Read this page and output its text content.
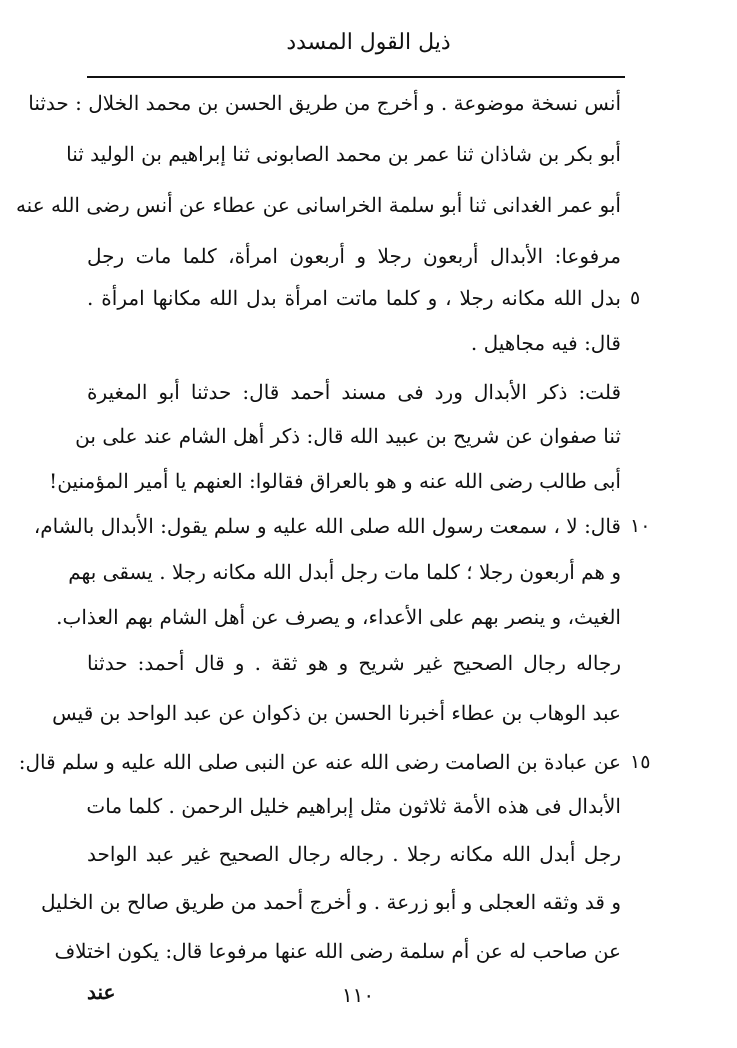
ذيل القول المسدد
أنس نسخة موضوعة . و أخرج من طريق الحسن بن محمد الخلال : حدثنا
أبو بكر بن شاذان ثنا عمر بن محمد الصابونى ثنا إبراهيم بن الوليد ثنا
أبو عمر الغدانى ثنا أبو سلمة الخراسانى عن عطاء عن أنس رضى الله عنه
مرفوعا: الأبدال أربعون رجلا و أربعون امرأة، كلما مات رجل
بدل الله مكانه رجلا ، و كلما ماتت امرأة بدل الله مكانها امرأة .
قال: فيه مجاهيل .
قلت: ذكر الأبدال ورد فى مسند أحمد قال: حدثنا أبو المغيرة
ثنا صفوان عن شريح بن عبيد الله قال: ذكر أهل الشام عند على بن
أبى طالب رضى الله عنه و هو بالعراق فقالوا: العنهم يا أمير المؤمنين!
قال: لا ، سمعت رسول الله صلى الله عليه و سلم يقول: الأبدال بالشام،
و هم أربعون رجلا ؛ كلما مات رجل أبدل الله مكانه رجلا . يسقى بهم
الغيث، و ينصر بهم على الأعداء، و يصرف عن أهل الشام بهم العذاب.
رجاله رجال الصحيح غير شريح و هو ثقة . و قال أحمد: حدثنا
عبد الوهاب بن عطاء أخبرنا الحسن بن ذكوان عن عبد الواحد بن قيس
عن عبادة بن الصامت رضى الله عنه عن النبى صلى الله عليه و سلم قال:
الأبدال فى هذه الأمة ثلاثون مثل إبراهيم خليل الرحمن . كلما مات
رجل أبدل الله مكانه رجلا . رجاله رجال الصحيح غير عبد الواحد
و قد وثقه العجلى و أبو زرعة . و أخرج أحمد من طريق صالح بن الخليل
عن صاحب له عن أم سلمة رضى الله عنها مرفوعا قال: يكون اختلاف
٥
١٠
١٥
١١٠
عند
